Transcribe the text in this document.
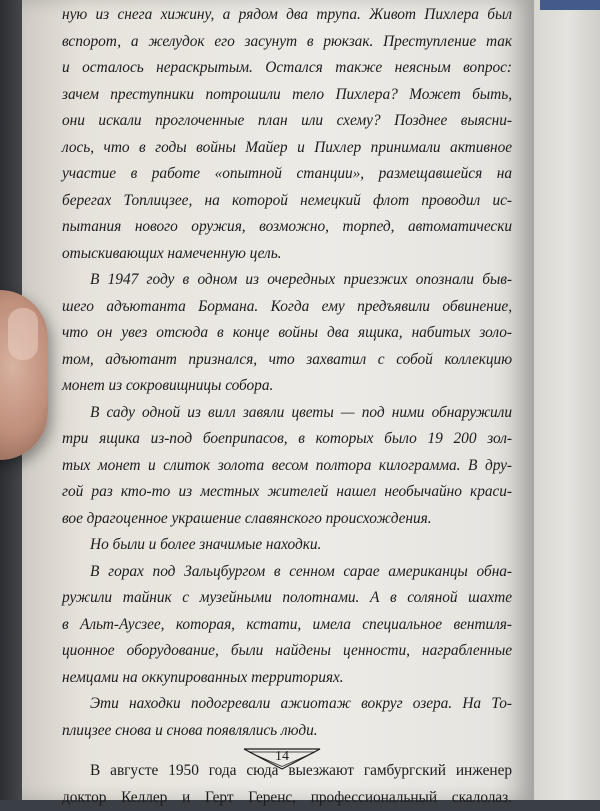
ную из снега хижину, а рядом два трупа. Живот Пихлера был
вспорот, а желудок его засунут в рюкзак. Преступление так
и осталось нераскрытым. Остался также неясным вопрос:
зачем преступники потрошили тело Пихлера? Может быть,
они искали проглоченные план или схему? Позднее выясни-
лось, что в годы войны Майер и Пихлер принимали активное
участие в работе «опытной станции», размещавшейся на
берегах Топлицзее, на которой немецкий флот проводил ис-
пытания нового оружия, возможно, торпед, автоматически
отыскивающих намеченную цель.
В 1947 году в одном из очередных приезжих опознали быв-
шего адъютанта Бормана. Когда ему предъявили обвинение,
что он увез отсюда в конце войны два ящика, набитых золо-
том, адъютант признался, что захватил с собой коллекцию
монет из сокровищницы собора.
В саду одной из вилл завяли цветы — под ними обнаружили
три ящика из-под боеприпасов, в которых было 19 200 зол-
тых монет и слиток золота весом полтора килограмма. В дру-
гой раз кто-то из местных жителей нашел необычайно краси-
вое драгоценное украшение славянского происхождения.
Но были и более значимые находки.
В горах под Зальцбургом в сенном сарае американцы обна-
ружили тайник с музейными полотнами. А в соляной шахте
в Альт-Аусзее, которая, кстати, имела специальное вентиля-
ционное оборудование, были найдены ценности, награбленные
немцами на оккупированных территориях.
Эти находки подогревали ажиотаж вокруг озера. На То-
плицзее снова и снова появлялись люди.
В августе 1950 года сюда выезжают гамбургский инженер
доктор Келлер и Герт Геренс, профессиональный скалолаз.
14
